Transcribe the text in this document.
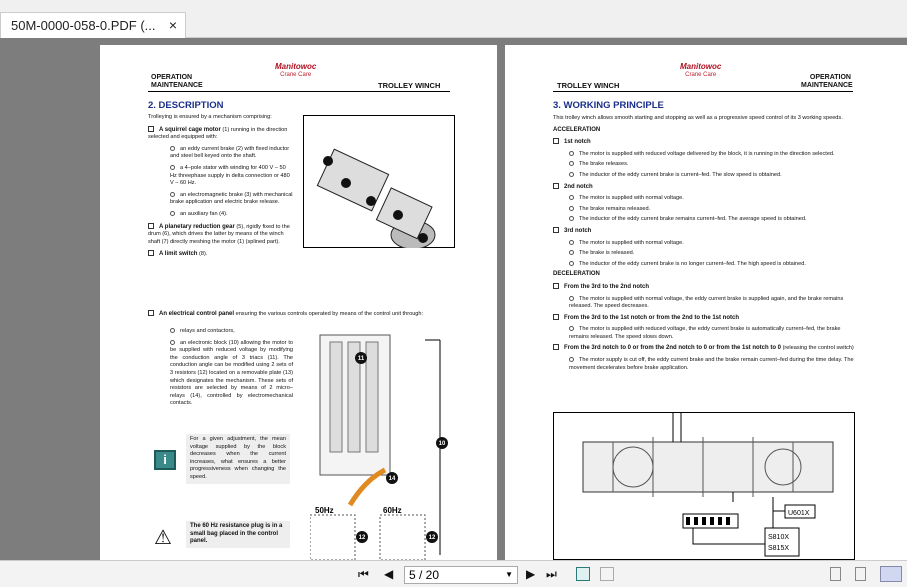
50M-0000-058-0.PDF (... ×
OPERATION
MAINTENANCE
Manitowoc
Crane Care
TROLLEY WINCH
2. DESCRIPTION
Trolleying is ensured by a mechanism comprising:
A squirrel cage motor (1) running in the direction selected and equipped with:
an eddy current brake (2) with fixed inductor and steel bell keyed onto the shaft.
a 4–pole stator with winding for 400 V – 50 Hz threephase supply in delta connection or 480 V – 60 Hz.
an electromagnetic brake (3) with mechanical brake application and electric brake release.
an auxiliary fan (4).
A planetary reduction gear (5), rigidly fixed to the drum (6), which drives the latter by means of the winch shaft (7) directly meshing the motor (1) (splined part).
A limit switch (8).
An electrical control panel ensuring the various controls operated by means of the control unit through:
relays and contactors,
an electronic block (10) allowing the motor to be supplied with reduced voltage by modifying the conduction angle of 3 triacs (11). The conduction angle can be modified using 2 sets of 3 resistors (12) located on a removable plate (13) which designates the mechanism. These sets of resistors are selected by means of 2 micro–relays (14), controlled by electromechanical contacts.
i
For a given adjustment, the mean voltage supplied by the block decreases when the current increases, what ensures a better progressiveness when changing the speed.
⚠
The 60 Hz resistance plug is in a small bag placed in the control panel.
11
14
10
12	12
50Hz	60Hz
TROLLEY WINCH
Manitowoc
Crane Care	OPERATION
MAINTENANCE
3. WORKING PRINCIPLE
This trolley winch allows smooth starting and stopping as well as a progressive speed control of its 3 working speeds.
ACCELERATION
1st notch
The motor is supplied with reduced voltage delivered by the block, it is running in the direction selected.
The brake releases.
The inductor of the eddy current brake is current–fed. The slow speed is obtained.
2nd notch
The motor is supplied with normal voltage.
The brake remains released.
The inductor of the eddy current brake remains current–fed. The average speed is obtained.
3rd notch
The motor is supplied with normal voltage.
The brake is released.
The inductor of the eddy current brake is no longer current–fed. The high speed is obtained.
DECELERATION
From the 3rd to the 2nd notch
The motor is supplied with normal voltage, the eddy current brake is supplied again, and the brake remains released. The speed decreases.
From the 3rd to the 1st notch or from the 2nd to the 1st notch
The motor is supplied with reduced voltage, the eddy current brake is automatically current–fed, the brake remains released. The speed slows down.
From the 3rd notch to 0 or from the 2nd notch to 0 or from the 1st notch to 0 (releasing the control switch)
The motor supply is cut off, the eddy current brake and the brake remain current–fed during the time delay. The movement decelerates before brake application.
U601X
S810X
S815X
⏮ ◀	5 / 20	▼ ▶ ⏭
